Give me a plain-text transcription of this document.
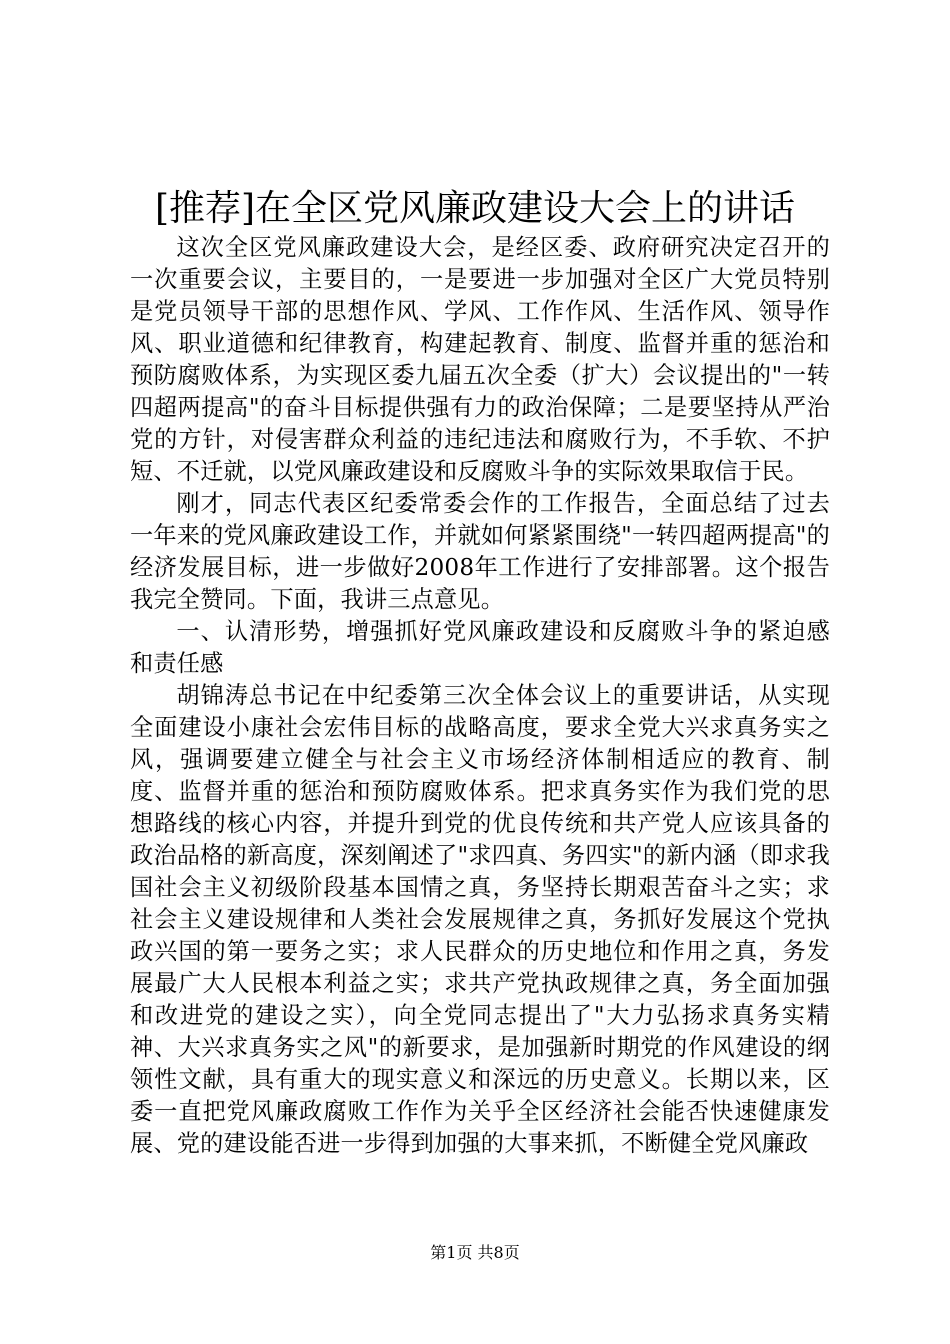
[推荐]在全区党风廉政建设大会上的讲话

这次全区党风廉政建设大会，是经区委、政府研究决定召开的一次重要会议，主要目的，一是要进一步加强对全区广大党员特别是党员领导干部的思想作风、学风、工作作风、生活作风、领导作风、职业道德和纪律教育，构建起教育、制度、监督并重的惩治和预防腐败体系，为实现区委九届五次全委（扩大）会议提出的"一转四超两提高"的奋斗目标提供强有力的政治保障；二是要坚持从严治党的方针，对侵害群众利益的违纪违法和腐败行为，不手软、不护短、不迁就，以党风廉政建设和反腐败斗争的实际效果取信于民。

刚才，同志代表区纪委常委会作的工作报告，全面总结了过去一年来的党风廉政建设工作，并就如何紧紧围绕"一转四超两提高"的经济发展目标，进一步做好2008年工作进行了安排部署。这个报告我完全赞同。下面，我讲三点意见。

一、认清形势，增强抓好党风廉政建设和反腐败斗争的紧迫感和责任感

胡锦涛总书记在中纪委第三次全体会议上的重要讲话，从实现全面建设小康社会宏伟目标的战略高度，要求全党大兴求真务实之风，强调要建立健全与社会主义市场经济体制相适应的教育、制度、监督并重的惩治和预防腐败体系。把求真务实作为我们党的思想路线的核心内容，并提升到党的优良传统和共产党人应该具备的政治品格的新高度，深刻阐述了"求四真、务四实"的新内涵（即求我国社会主义初级阶段基本国情之真，务坚持长期艰苦奋斗之实；求社会主义建设规律和人类社会发展规律之真，务抓好发展这个党执政兴国的第一要务之实；求人民群众的历史地位和作用之真，务发展最广大人民根本利益之实；求共产党执政规律之真，务全面加强和改进党的建设之实），向全党同志提出了"大力弘扬求真务实精神、大兴求真务实之风"的新要求，是加强新时期党的作风建设的纲领性文献，具有重大的现实意义和深远的历史意义。长期以来，区委一直把党风廉政腐败工作作为关乎全区经济社会能否快速健康发展、党的建设能否进一步得到加强的大事来抓，不断健全党风廉政

第1页 共8页
